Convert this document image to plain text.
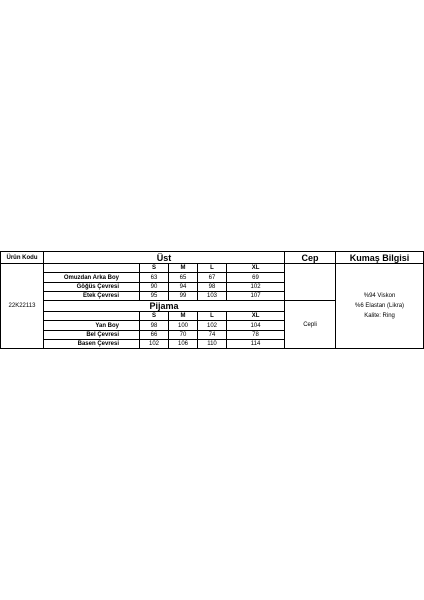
Ürün Kodu	Üst					Cep	Kumaş Bilgisi
22K22113		S	M	L	XL		%94 Viskon
%6 Elastan (Likra)
Kalite: Ring

	Omuzdan Arka Boy	63	65	67	69		
	Göğüs Çevresi	90	94	98	102		
	Etek Çevresi	95	99	103	107		
	Pijama					Cepli	
		S	M	L	XL		
	Yan Boy	98	100	102	104		
	Bel Çevresi	66	70	74	78		
	Basen Çevresi	102	106	110	114		
